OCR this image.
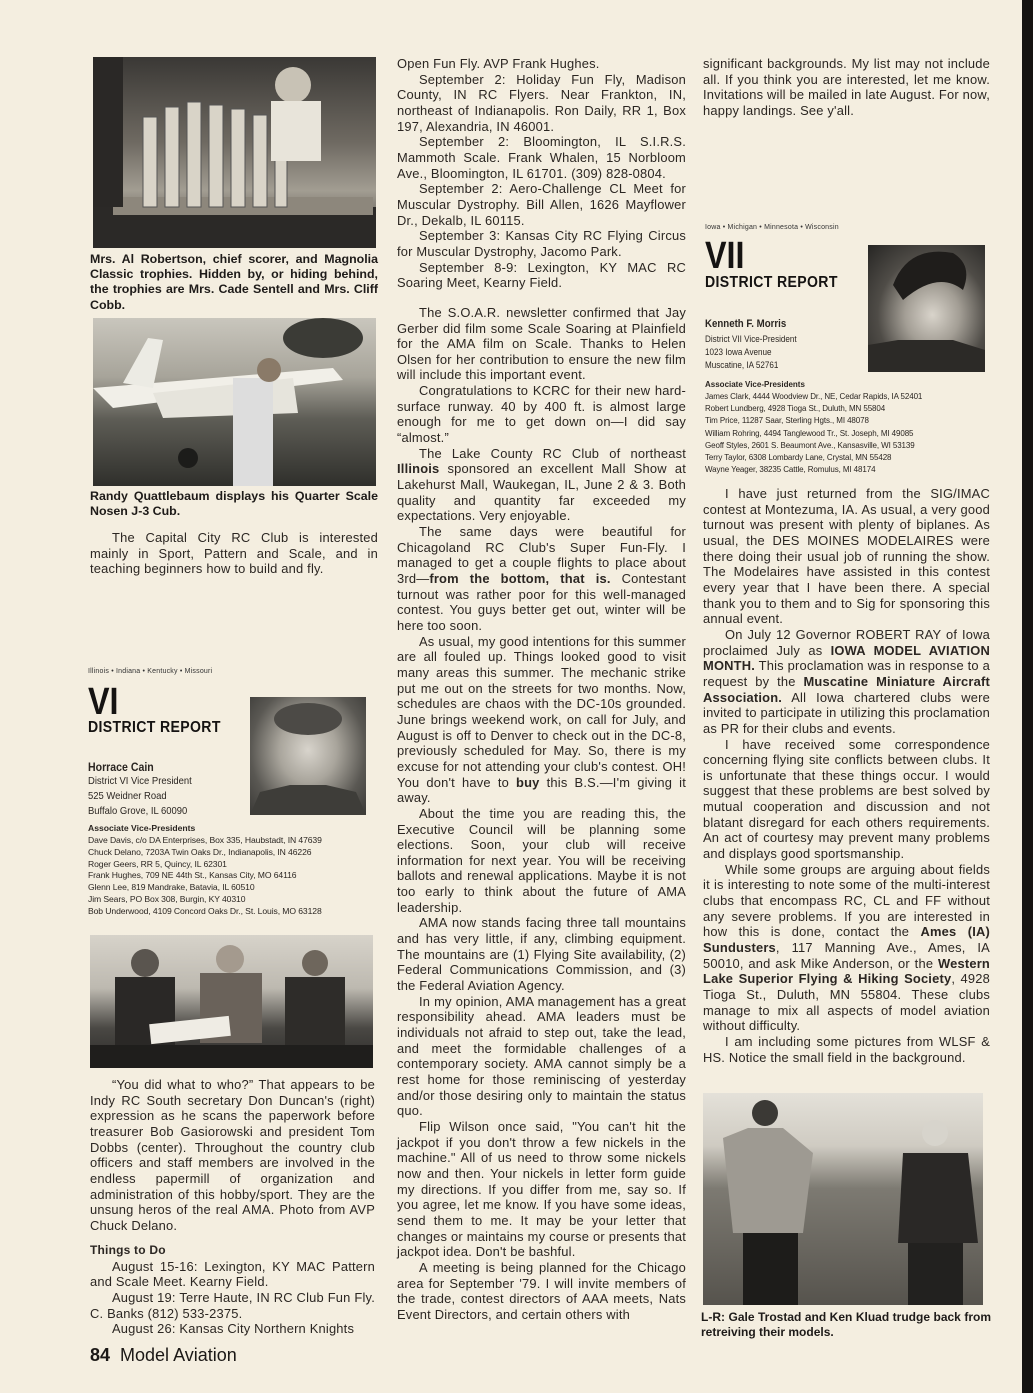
Mrs. Al Robertson, chief scorer, and Magnolia Classic trophies. Hidden by, or hiding behind, the trophies are Mrs. Cade Sentell and Mrs. Cliff Cobb.
Randy Quattlebaum displays his Quarter Scale Nosen J-3 Cub.

The Capital City RC Club is interested mainly in Sport, Pattern and Scale, and in teaching beginners how to build and fly.

Illinois • Indiana • Kentucky • Missouri
VI
DISTRICT REPORT
Horrace Cain
District VI Vice President
525 Weidner Road
Buffalo Grove, IL 60090
Associate Vice-Presidents
Dave Davis, c/o DA Enterprises, Box 335, Haubstadt, IN 47639
Chuck Delano, 7203A Twin Oaks Dr., Indianapolis, IN 46226
Roger Geers, RR 5, Quincy, IL 62301
Frank Hughes, 709 NE 44th St., Kansas City, MO 64116
Glenn Lee, 819 Mandrake, Batavia, IL 60510
Jim Sears, PO Box 308, Burgin, KY 40310
Bob Underwood, 4109 Concord Oaks Dr., St. Louis, MO 63128

“You did what to who?” That appears to be Indy RC South secretary Don Duncan's (right) expression as he scans the paperwork before treasurer Bob Gasiorowski and president Tom Dobbs (center). Throughout the country club officers and staff members are involved in the endless papermill of organization and administration of this hobby/sport. They are the unsung heros of the real AMA. Photo from AVP Chuck Delano.

Things to Do

August 15-16: Lexington, KY MAC Pattern and Scale Meet. Kearny Field.

August 19: Terre Haute, IN RC Club Fun Fly. C. Banks (812) 533-2375.

August 26: Kansas City Northern Knights

84 Model Aviation

Open Fun Fly. AVP Frank Hughes.

September 2: Holiday Fun Fly, Madison County, IN RC Flyers. Near Frankton, IN, northeast of Indianapolis. Ron Daily, RR 1, Box 197, Alexandria, IN 46001.

September 2: Bloomington, IL S.I.R.S. Mammoth Scale. Frank Whalen, 15 Norbloom Ave., Bloomington, IL 61701. (309) 828-0804.

September 2: Aero-Challenge CL Meet for Muscular Dystrophy. Bill Allen, 1626 Mayflower Dr., Dekalb, IL 60115.

September 3: Kansas City RC Flying Circus for Muscular Dystrophy, Jacomo Park.

September 8-9: Lexington, KY MAC RC Soaring Meet, Kearny Field.

The S.O.A.R. newsletter confirmed that Jay Gerber did film some Scale Soaring at Plainfield for the AMA film on Scale. Thanks to Helen Olsen for her contribution to ensure the new film will include this important event.

Congratulations to KCRC for their new hard-surface runway. 40 by 400 ft. is almost large enough for me to get down on—I did say “almost.”

The Lake County RC Club of northeast Illinois sponsored an excellent Mall Show at Lakehurst Mall, Waukegan, IL, June 2 & 3. Both quality and quantity far exceeded my expectations. Very enjoyable.

The same days were beautiful for Chicagoland RC Club's Super Fun-Fly. I managed to get a couple flights to place about 3rd—from the bottom, that is. Contestant turnout was rather poor for this well-managed contest. You guys better get out, winter will be here too soon.

As usual, my good intentions for this summer are all fouled up. Things looked good to visit many areas this summer. The mechanic strike put me out on the streets for two months. Now, schedules are chaos with the DC-10s grounded. June brings weekend work, on call for July, and August is off to Denver to check out in the DC-8, previously scheduled for May. So, there is my excuse for not attending your club's contest. OH! You don't have to buy this B.S.—I'm giving it away.

About the time you are reading this, the Executive Council will be planning some elections. Soon, your club will receive information for next year. You will be receiving ballots and renewal applications. Maybe it is not too early to think about the future of AMA leadership.

AMA now stands facing three tall mountains and has very little, if any, climbing equipment. The mountains are (1) Flying Site availability, (2) Federal Communications Commission, and (3) the Federal Aviation Agency.

In my opinion, AMA management has a great responsibility ahead. AMA leaders must be individuals not afraid to step out, take the lead, and meet the formidable challenges of a contemporary society. AMA cannot simply be a rest home for those reminiscing of yesterday and/or those desiring only to maintain the status quo.

Flip Wilson once said, "You can't hit the jackpot if you don't throw a few nickels in the machine." All of us need to throw some nickels now and then. Your nickels in letter form guide my directions. If you differ from me, say so. If you agree, let me know. If you have some ideas, send them to me. It may be your letter that changes or maintains my course or presents that jackpot idea. Don't be bashful.

A meeting is being planned for the Chicago area for September '79. I will invite members of the trade, contest directors of AAA meets, Nats Event Directors, and certain others with

significant backgrounds. My list may not include all. If you think you are interested, let me know. Invitations will be mailed in late August. For now, happy landings. See y'all.

Iowa • Michigan • Minnesota • Wisconsin
VII
DISTRICT REPORT
Kenneth F. Morris
District VII Vice-President
1023 Iowa Avenue
Muscatine, IA 52761
Associate Vice-Presidents
James Clark, 4444 Woodview Dr., NE, Cedar Rapids, IA 52401
Robert Lundberg, 4928 Tioga St., Duluth, MN 55804
Tim Price, 11287 Saar, Sterling Hgts., MI 48078
William Rohring, 4494 Tanglewood Tr., St. Joseph, MI 49085
Geoff Styles, 2601 S. Beaumont Ave., Kansasville, WI 53139
Terry Taylor, 6308 Lombardy Lane, Crystal, MN 55428
Wayne Yeager, 38235 Cattle, Romulus, MI 48174

I have just returned from the SIG/IMAC contest at Montezuma, IA. As usual, a very good turnout was present with plenty of biplanes. As usual, the DES MOINES MODELAIRES were there doing their usual job of running the show. The Modelaires have assisted in this contest every year that I have been there. A special thank you to them and to Sig for sponsoring this annual event.

On July 12 Governor ROBERT RAY of Iowa proclaimed July as IOWA MODEL AVIATION MONTH. This proclamation was in response to a request by the Muscatine Miniature Aircraft Association. All Iowa chartered clubs were invited to participate in utilizing this proclamation as PR for their clubs and events.

I have received some correspondence concerning flying site conflicts between clubs. It is unfortunate that these things occur. I would suggest that these problems are best solved by mutual cooperation and discussion and not blatant disregard for each others requirements. An act of courtesy may prevent many problems and displays good sportsmanship.

While some groups are arguing about fields it is interesting to note some of the multi-interest clubs that encompass RC, CL and FF without any severe problems. If you are interested in how this is done, contact the Ames (IA) Sundusters, 117 Manning Ave., Ames, IA 50010, and ask Mike Anderson, or the Western Lake Superior Flying & Hiking Society, 4928 Tioga St., Duluth, MN 55804. These clubs manage to mix all aspects of model aviation without difficulty.

I am including some pictures from WLSF & HS. Notice the small field in the background.

L-R: Gale Trostad and Ken Kluad trudge back from retreiving their models.
